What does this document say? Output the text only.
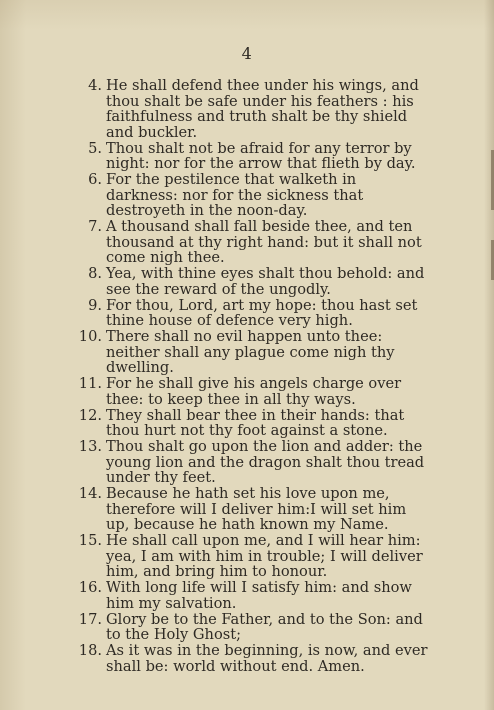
4
4. He shall defend thee under his wings, and thou shalt be safe under his feathers : his faithfulness and truth shalt be thy shield and buckler.
5. Thou shalt not be afraid for any terror by night: nor for the arrow that flieth by day.
6. For the pestilence that walketh in darkness: nor for the sickness that destroyeth in the noon-day.
7. A thousand shall fall beside thee, and ten thousand at thy right hand: but it shall not come nigh thee.
8. Yea, with thine eyes shalt thou behold: and see the reward of the ungodly.
9. For thou, Lord, art my hope: thou hast set thine house of defence very high.
10. There shall no evil happen unto thee: neither shall any plague come nigh thy dwelling.
11. For he shall give his angels charge over thee: to keep thee in all thy ways.
12. They shall bear thee in their hands: that thou hurt not thy foot against a stone.
13. Thou shalt go upon the lion and adder: the young lion and the dragon shalt thou tread under thy feet.
14. Because he hath set his love upon me, therefore will I deliver him:I will set him up, because he hath known my Name.
15. He shall call upon me, and I will hear him: yea, I am with him in trouble; I will deliver him, and bring him to honour.
16. With long life will I satisfy him: and show him my salvation.
17. Glory be to the Father, and to the Son: and to the Holy Ghost;
18. As it was in the beginning, is now, and ever shall be: world without end. Amen.
